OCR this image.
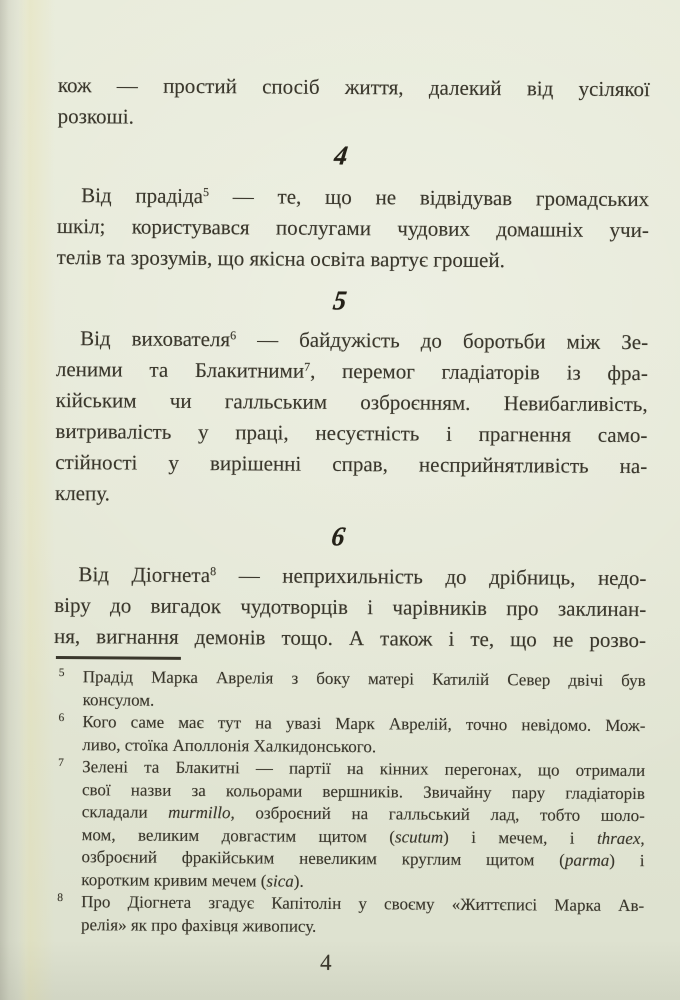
кож — простий спосіб життя, далекий від усілякої
розкоші.
4
Від прадіда$^5$ — те, що не відвідував громадських
шкіл; користувався послугами чудових домашніх учи-
телів та зрозумів, що якісна освіта вартує грошей.
5
Від вихователя$^6$ — байдужість до боротьби між Зе-
леними та Блакитними$^7$, перемог гладіаторів із фра-
кійським чи галльським озброєнням. Невибагливість,
витривалість у праці, несуєтність і прагнення само-
стійності у вирішенні справ, несприйнятливість на-
клепу.
6
Від Діогнета$^8$ — неприхильність до дрібниць, недо-
віру до вигадок чудотворців і чарівників про заклинан-
ня, вигнання демонів тощо. А також і те, що не розво-
5 Прадід Марка Аврелія з боку матері Катилій Север двічі був
консулом.
6 Кого саме має тут на увазі Марк Аврелій, точно невідомо. Мож-
ливо, стоїка Аполлонія Халкидонського.
7 Зелені та Блакитні — партії на кінних перегонах, що отримали
свої назви за кольорами вершників. Звичайну пару гладіаторів
складали murmillo, озброєний на галльський лад, тобто шоло-
мом, великим довгастим щитом (scutum) і мечем, і thraex,
озброєний фракійським невеликим круглим щитом (parma) і
коротким кривим мечем (sica).
8 Про Діогнета згадує Капітолін у своєму «Життєписі Марка Ав-
релія» як про фахівця живопису.
4
